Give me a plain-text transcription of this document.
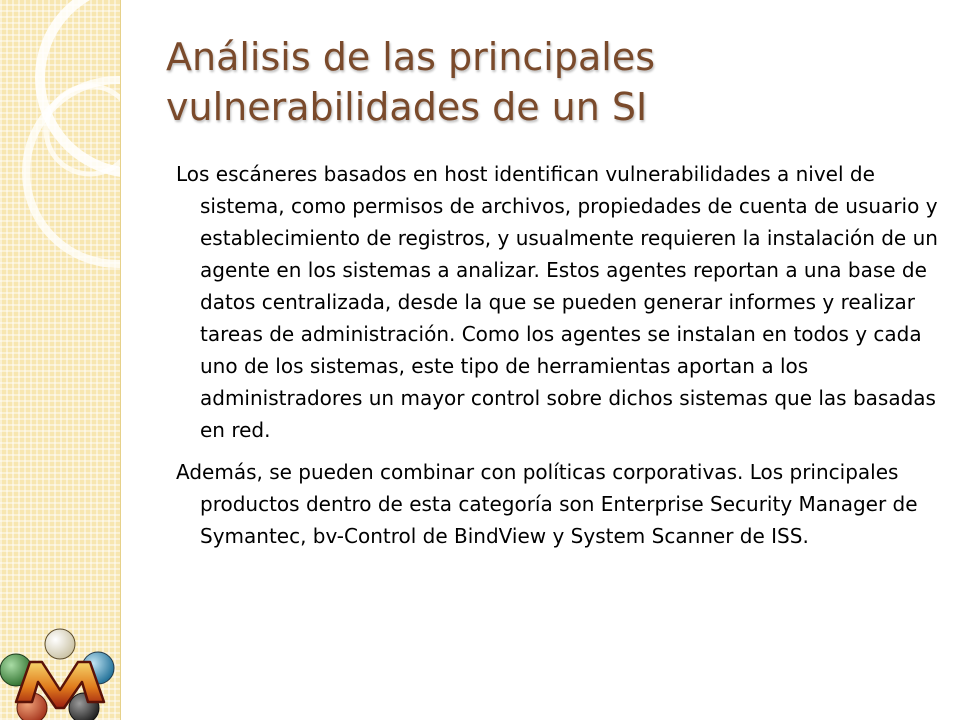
Análisis de las principales vulnerabilidades de un SI

Los escáneres basados en host identifican vulnerabilidades a nivel de sistema, como permisos de archivos, propiedades de cuenta de usuario y establecimiento de registros, y usualmente requieren la instalación de un agente en los sistemas a analizar. Estos agentes reportan a una base de datos centralizada, desde la que se pueden generar informes y realizar tareas de administración. Como los agentes se instalan en todos y cada uno de los sistemas, este tipo de herramientas aportan a los administradores un mayor control sobre dichos sistemas que las basadas en red.

Además, se pueden combinar con políticas corporativas. Los principales productos dentro de esta categoría son Enterprise Security Manager de Symantec, bv-Control de BindView y System Scanner de ISS.
